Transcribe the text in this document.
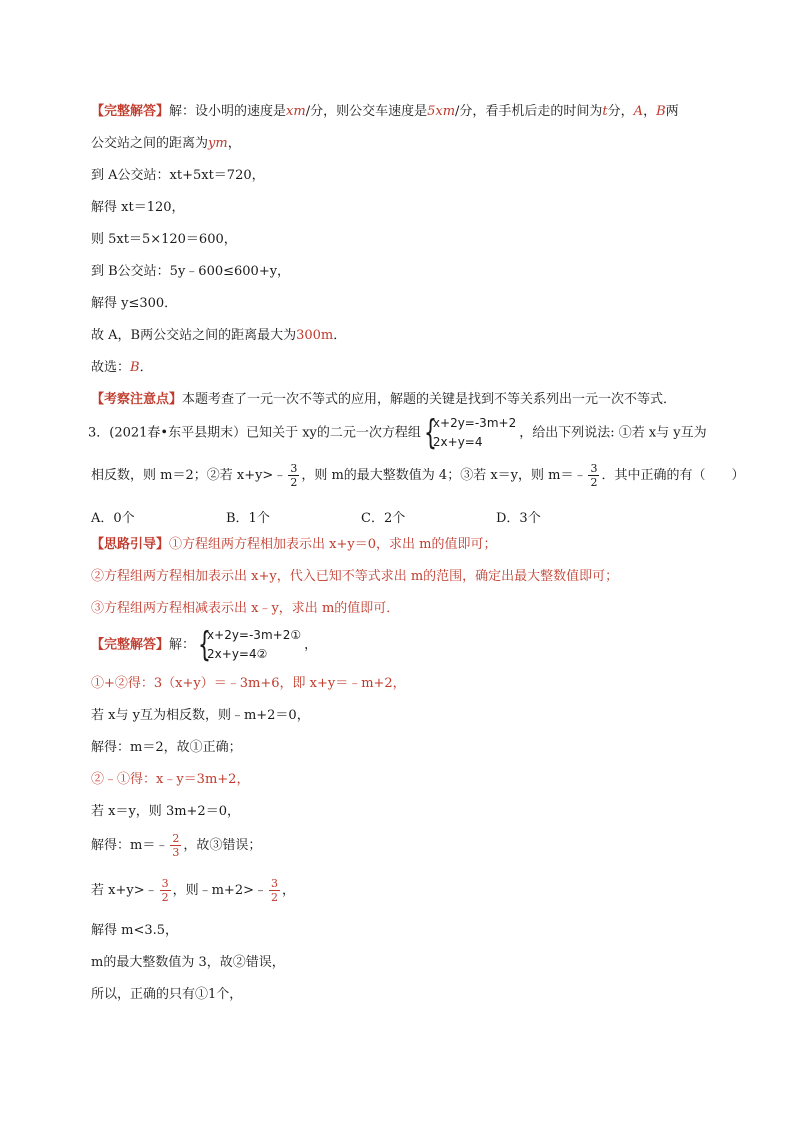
【完整解答】解：设小明的速度是xm/分，则公交车速度是5xm/分，看手机后走的时间为t分，A，B两
公交站之间的距离为ym，
到 A公交站：xt+5xt＝720，
解得 xt＝120，
则 5xt＝5×120＝600，
到 B公交站：5y﹣600≤600+y，
解得 y≤300．
故 A，B两公交站之间的距离最大为300m．
故选：B．
【考察注意点】本题考查了一元一次不等式的应用，解题的关键是找到不等关系列出一元一次不等式．
3．(2021春•东平县期末）已知关于 xy的二元一次方程组 {
x+2y=-3m+2
2x+y=4
，给出下列说法: ①若 x与 y互为
相反数，则 m＝2；②若 x+y>﹣ $\frac{3}{2}$ ，则 m的最大整数值为 4；③若 x＝y，则 m＝﹣ $\frac{3}{2}$ ．其中正确的有（　　）
A．0个	B．1个	C．2个	D．3个
【思路引导】①方程组两方程相加表示出 x+y＝0，求出 m的值即可；
②方程组两方程相加表示出 x+y，代入已知不等式求出 m的范围，确定出最大整数值即可；
③方程组两方程相减表示出 x﹣y，求出 m的值即可．
【完整解答】解： {
x+2y=-3m+2①
2x+y=4②
，
①+②得：3（x+y）＝﹣3m+6，即 x+y＝﹣m+2，
若 x与 y互为相反数，则﹣m+2＝0，
解得：m＝2，故①正确；
②﹣①得：x﹣y＝3m+2，
若 x＝y，则 3m+2＝0，
解得：m＝﹣ $\frac{2}{3}$ ，故③错误；
若 x+y>﹣ $\frac{3}{2}$ ，则﹣m+2>﹣ $\frac{3}{2}$ ，
解得 m<3.5，
m的最大整数值为 3，故②错误，
所以，正确的只有①1个，
